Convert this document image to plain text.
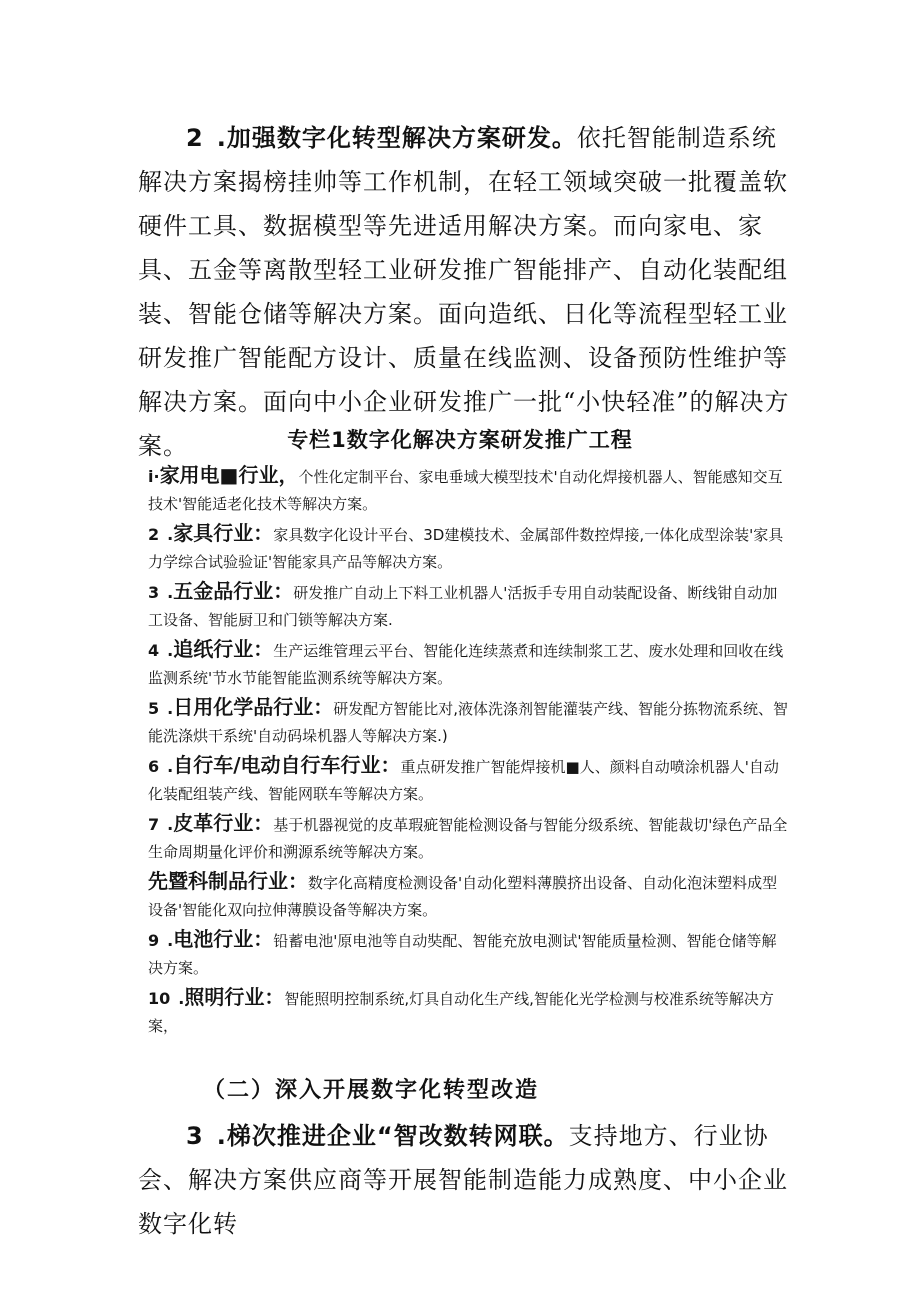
2 .加强数字化转型解决方案研发。依托智能制造系统解决方案揭榜挂帅等工作机制，在轻工领域突破一批覆盖软硬件工具、数据模型等先进适用解决方案。而向家电、家具、五金等离散型轻工业研发推广智能排产、自动化装配组装、智能仓储等解决方案。面向造纸、日化等流程型轻工业研发推广智能配方设计、质量在线监测、设备预防性维护等解决方案。面向中小企业研发推广一批“小快轻准”的解决方案。	专栏1数字化解决方案研发推广工程
i·家用电■行业，个性化定制平台、家电垂域大模型技术'自动化焊接机器人、智能感知交互技术'智能适老化技术等解决方案。
2 .家具行业：家具数字化设计平台、3D建模技术、金属部件数控焊接,一体化成型涂装'家具力学综合试验验证'智能家具产品等解决方案。
3 .五金品行业：研发推广自动上下料工业机器人'活扳手专用自动装配设备、断线钳自动加工设备、智能厨卫和门锁等解决方案.
4 .追纸行业：生产运维管理云平台、智能化连续蒸煮和连续制浆工艺、废水处理和回收在线监测系统'节水节能智能监测系统等解决方案。
5 .日用化学品行业：研发配方智能比对,液体洗涤剂智能灌装产线、智能分拣物流系统、智能洗涤烘干系统'自动码垛机器人等解决方案.)
6 .自行车/电动自行车行业：重点研发推广智能焊接机■人、颜料自动喷涂机器人'自动化装配组装产线、智能网联车等解决方案。
7 .皮革行业：基于机器视觉的皮革瑕疵智能检测设备与智能分级系统、智能裁切'绿色产品全生命周期量化评价和溯源系统等解决方案。
先暨科制品行业：数字化高精度检测设备'自动化塑料薄膜挤出设备、自动化泡沫塑料成型设备'智能化双向拉伸薄膜设备等解决方案。
9 .电池行业：铅蓄电池'原电池等自动奘配、智能充放电测试'智能质量检测、智能仓储等解决方案。
10 .照明行业：智能照明控制系统,灯具自动化生产线,智能化光学检测与校准系统等解决方案，
（二）深入开展数字化转型改造

3 .梯次推进企业“智改数转网联。支持地方、行业协会、解决方案供应商等开展智能制造能力成熟度、中小企业数字化转
